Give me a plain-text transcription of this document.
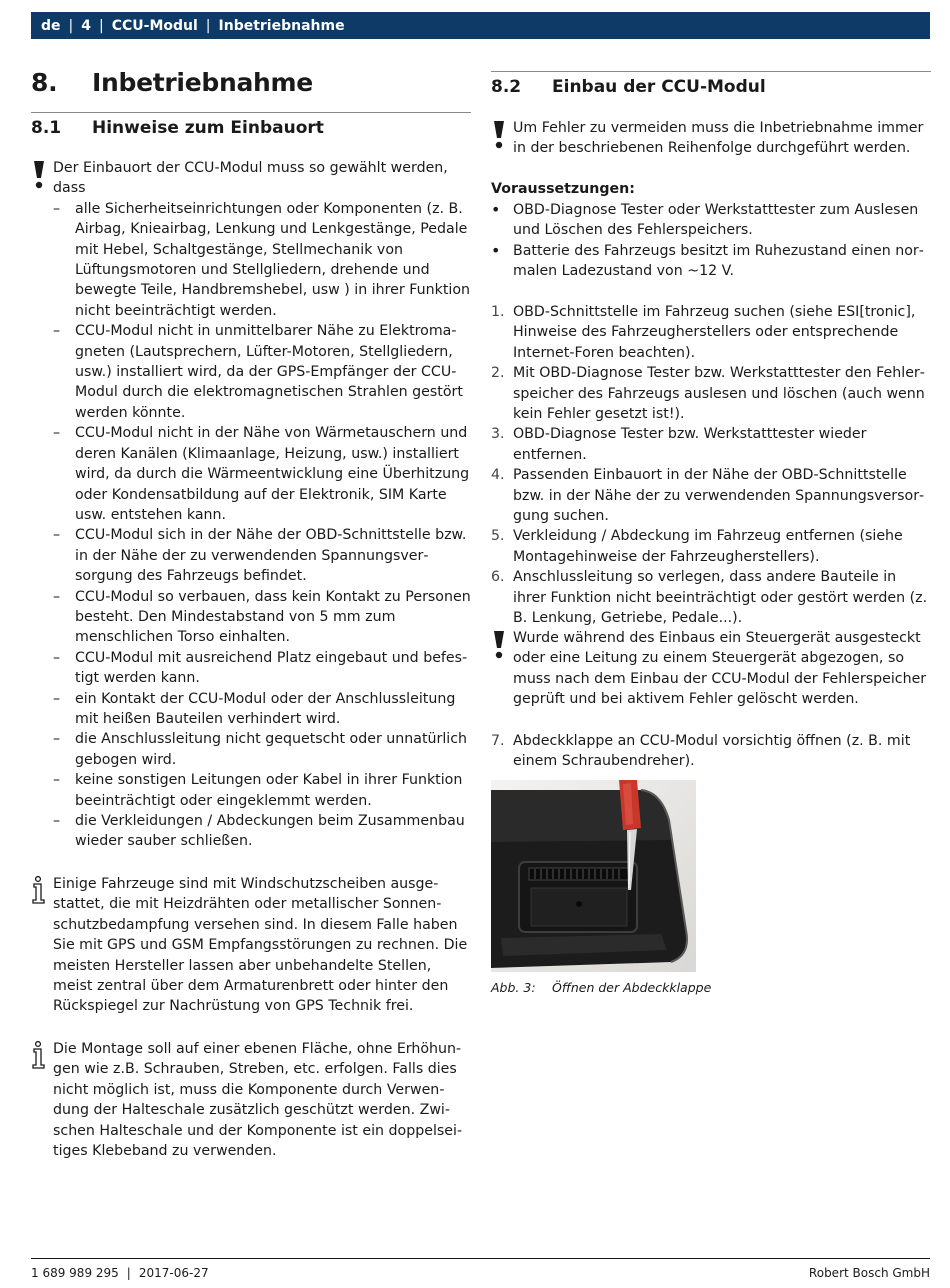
de | 4 | CCU-Modul | Inbetriebnahme
8. Inbetriebnahme
8.1 Hinweise zum Einbauort
Der Einbauort der CCU-Modul muss so gewählt werden, dass
– alle Sicherheitseinrichtungen oder Komponenten (z. B. Airbag, Knieairbag, Lenkung und Lenkgestänge, Pedale mit Hebel, Schaltgestänge, Stellmechanik von Lüftungsmotoren und Stellgliedern, drehende und bewegte Teile, Handbremshebel, usw ) in ihrer Funktion nicht beeinträchtigt werden.
– CCU-Modul nicht in unmittelbarer Nähe zu Elektromagneten (Lautsprechern, Lüfter-Motoren, Stellgliedern, usw.) installiert wird, da der GPS-Empfänger der CCU-Modul durch die elektromagnetischen Strahlen gestört werden könnte.
– CCU-Modul nicht in der Nähe von Wärmetauschern und deren Kanälen (Klimaanlage, Heizung, usw.) installiert wird, da durch die Wärmeentwicklung eine Überhitzung oder Kondensatbildung auf der Elektronik, SIM Karte usw. entstehen kann.
– CCU-Modul sich in der Nähe der OBD-Schnittstelle bzw. in der Nähe der zu verwendenden Spannungsversorgung des Fahrzeugs befindet.
– CCU-Modul so verbauen, dass kein Kontakt zu Personen besteht. Den Mindestabstand von 5 mm zum menschlichen Torso einhalten.
– CCU-Modul mit ausreichend Platz eingebaut und befestigt werden kann.
– ein Kontakt der CCU-Modul oder der Anschlussleitung mit heißen Bauteilen verhindert wird.
– die Anschlussleitung nicht gequetscht oder unnatürlich gebogen wird.
– keine sonstigen Leitungen oder Kabel in ihrer Funktion beeinträchtigt oder eingeklemmt werden.
– die Verkleidungen / Abdeckungen beim Zusammenbau wieder sauber schließen.
Einige Fahrzeuge sind mit Windschutzscheiben ausgestattet, die mit Heizdrähten oder metallischer Sonnenschutzbedampfung versehen sind. In diesem Falle haben Sie mit GPS und GSM Empfangsstörungen zu rechnen. Die meisten Hersteller lassen aber unbehandelte Stellen, meist zentral über dem Armaturenbrett oder hinter den Rückspiegel zur Nachrüstung von GPS Technik frei.
Die Montage soll auf einer ebenen Fläche, ohne Erhöhungen wie z.B. Schrauben, Streben, etc. erfolgen. Falls dies nicht möglich ist, muss die Komponente durch Verwendung der Halteschale zusätzlich geschützt werden. Zwischen Halteschale und der Komponente ist ein doppelseitiges Klebeband zu verwenden.
8.2 Einbau der CCU-Modul
Um Fehler zu vermeiden muss die Inbetriebnahme immer in der beschriebenen Reihenfolge durchgeführt werden.
Voraussetzungen:
• OBD-Diagnose Tester oder Werkstatttester zum Auslesen und Löschen des Fehlerspeichers.
• Batterie des Fahrzeugs besitzt im Ruhezustand einen normalen Ladezustand von ~12 V.
1. OBD-Schnittstelle im Fahrzeug suchen (siehe ESI[tronic], Hinweise des Fahrzeugherstellers oder entsprechende Internet-Foren beachten).
2. Mit OBD-Diagnose Tester bzw. Werkstatttester den Fehlerspeicher des Fahrzeugs auslesen und löschen (auch wenn kein Fehler gesetzt ist!).
3. OBD-Diagnose Tester bzw. Werkstatttester wieder entfernen.
4. Passenden Einbauort in der Nähe der OBD-Schnittstelle bzw. in der Nähe der zu verwendenden Spannungsversorgung suchen.
5. Verkleidung / Abdeckung im Fahrzeug entfernen (siehe Montagehinweise der Fahrzeugherstellers).
6. Anschlussleitung so verlegen, dass andere Bauteile in ihrer Funktion nicht beeinträchtigt oder gestört werden (z. B. Lenkung, Getriebe, Pedale...).
Wurde während des Einbaus ein Steuergerät ausgesteckt oder eine Leitung zu einem Steuergerät abgezogen, so muss nach dem Einbau der CCU-Modul der Fehlerspeicher geprüft und bei aktivem Fehler gelöscht werden.
7. Abdeckklappe an CCU-Modul vorsichtig öffnen (z. B. mit einem Schraubendreher).
Abb. 3: Öffnen der Abdeckklappe
1 689 989 295 | 2017-06-27	Robert Bosch GmbH
